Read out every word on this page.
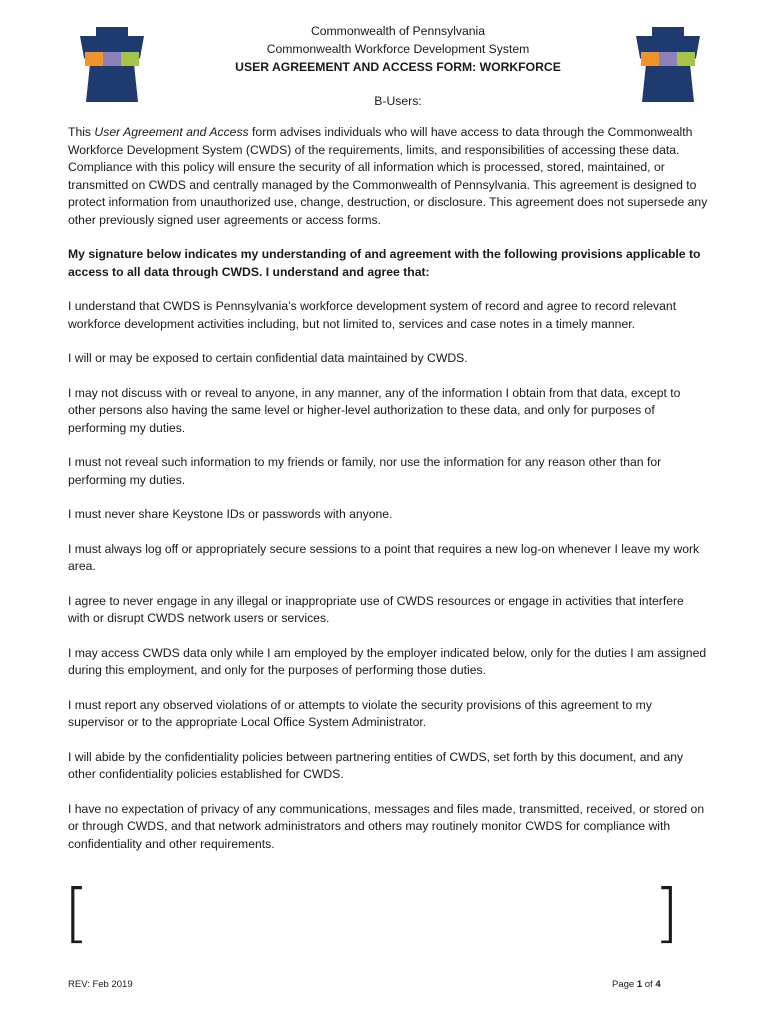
Commonwealth of Pennsylvania
Commonwealth Workforce Development System
USER AGREEMENT AND ACCESS FORM: WORKFORCE
B-Users:

This User Agreement and Access form advises individuals who will have access to data through the Commonwealth Workforce Development System (CWDS) of the requirements, limits, and responsibilities of accessing these data. Compliance with this policy will ensure the security of all information which is processed, stored, maintained, or transmitted on CWDS and centrally managed by the Commonwealth of Pennsylvania. This agreement is designed to protect information from unauthorized use, change, destruction, or disclosure. This agreement does not supersede any other previously signed user agreements or access forms.

My signature below indicates my understanding of and agreement with the following provisions applicable to access to all data through CWDS. I understand and agree that:

I understand that CWDS is Pennsylvania’s workforce development system of record and agree to record relevant workforce development activities including, but not limited to, services and case notes in a timely manner.

I will or may be exposed to certain confidential data maintained by CWDS.

I may not discuss with or reveal to anyone, in any manner, any of the information I obtain from that data, except to other persons also having the same level or higher-level authorization to these data, and only for purposes of performing my duties.

I must not reveal such information to my friends or family, nor use the information for any reason other than for performing my duties.

I must never share Keystone IDs or passwords with anyone.

I must always log off or appropriately secure sessions to a point that requires a new log-on whenever I leave my work area.

I agree to never engage in any illegal or inappropriate use of CWDS resources or engage in activities that interfere with or disrupt CWDS network users or services.

I may access CWDS data only while I am employed by the employer indicated below, only for the duties I am assigned during this employment, and only for the purposes of performing those duties.

I must report any observed violations of or attempts to violate the security provisions of this agreement to my supervisor or to the appropriate Local Office System Administrator.

I will abide by the confidentiality policies between partnering entities of CWDS, set forth by this document, and any other confidentiality policies established for CWDS.

I have no expectation of privacy of any communications, messages and files made, transmitted, received, or stored on or through CWDS, and that network administrators and others may routinely monitor CWDS for compliance with confidentiality and other requirements.

[	]
REV: Feb 2019	Page 1 of 4
